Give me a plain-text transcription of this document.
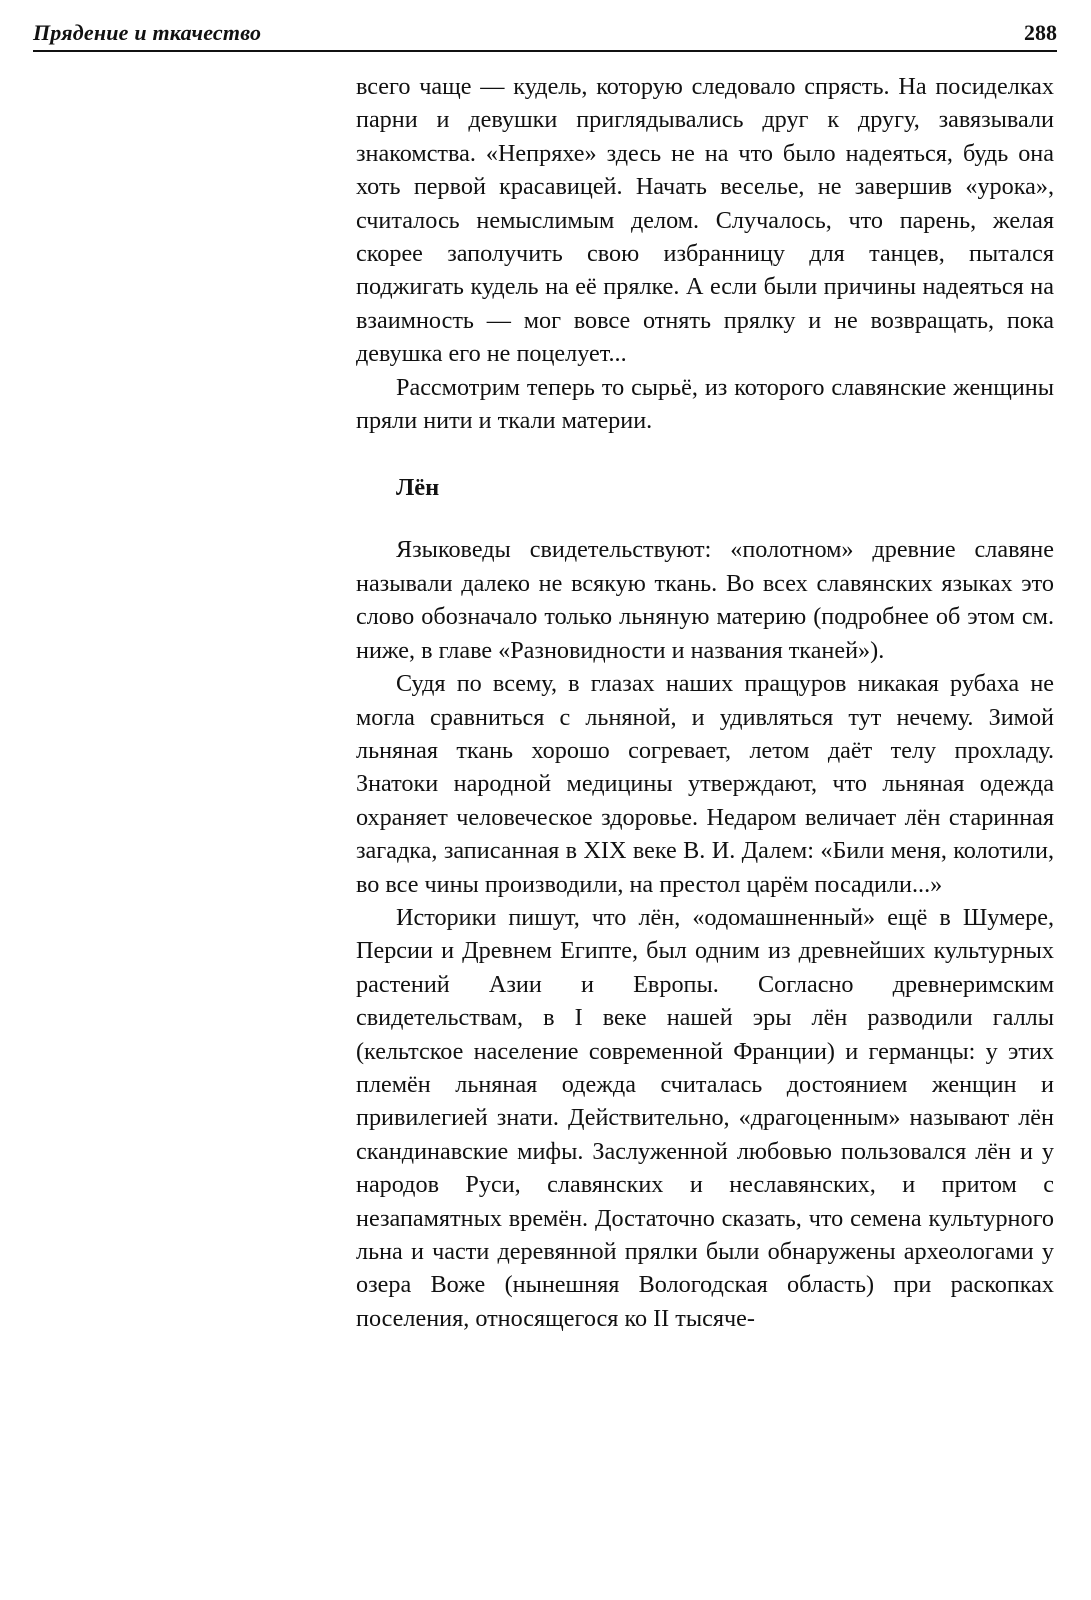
Прядение и ткачество	288

всего чаще — кудель, которую следовало спрясть. На посиделках парни и девушки приглядывались друг к другу, завязывали знакомства. «Непряхе» здесь не на что было надеяться, будь она хоть первой красавицей. Начать веселье, не завершив «урока», считалось немыслимым делом. Случалось, что парень, желая скорее заполучить свою избранницу для танцев, пытался поджигать кудель на её прялке. А если были причины надеяться на взаимность — мог вовсе отнять прялку и не возвращать, пока девушка его не поцелует...

Рассмотрим теперь то сырьё, из которого славянские женщины пряли нити и ткали материи.

Лён

Языковеды свидетельствуют: «полотном» древние славяне называли далеко не всякую ткань. Во всех славянских языках это слово обозначало только льняную материю (подробнее об этом см. ниже, в главе «Разновидности и названия тканей»).

Судя по всему, в глазах наших пращуров никакая рубаха не могла сравниться с льняной, и удивляться тут нечему. Зимой льняная ткань хорошо согревает, летом даёт телу прохладу. Знатоки народной медицины утверждают, что льняная одежда охраняет человеческое здоровье. Недаром величает лён старинная загадка, записанная в XIX веке В. И. Далем: «Били меня, колотили, во все чины производили, на престол царём посадили...»

Историки пишут, что лён, «одомашненный» ещё в Шумере, Персии и Древнем Египте, был одним из древнейших культурных растений Азии и Европы. Согласно древнеримским свидетельствам, в I веке нашей эры лён разводили галлы (кельтское население современной Франции) и германцы: у этих племён льняная одежда считалась достоянием женщин и привилегией знати. Действительно, «драгоценным» называют лён скандинавские мифы. Заслуженной любовью пользовался лён и у народов Руси, славянских и неславянских, и притом с незапамятных времён. Достаточно сказать, что семена культурного льна и части деревянной прялки были обнаружены археологами у озера Воже (нынешняя Вологодская область) при раскопках поселения, относящегося ко II тысяче-
